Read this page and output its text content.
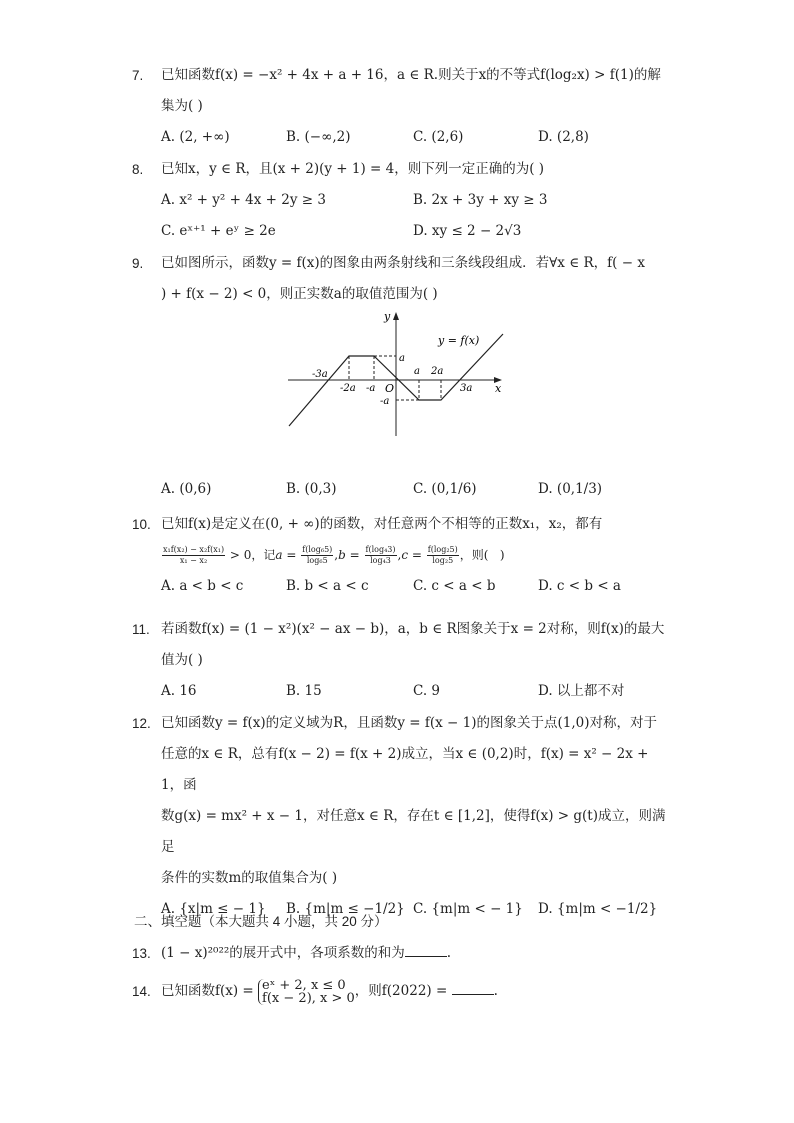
7.	已知函数f(x) = −x² + 4x + a + 16，a ∈ R.则关于x的不等式f(log₂x) > f(1)的解
集为( )
A. (2, +∞)	B. (−∞,2)	C. (2,6)	D. (2,8)
8.	已知x，y ∈ R，且(x + 2)(y + 1) = 4，则下列一定正确的为( )
A. x² + y² + 4x + 2y ≥ 3	B. 2x + 3y + xy ≥ 3
C. eˣ⁺¹ + eʸ ≥ 2e	D. xy ≤ 2 − 2√3
9.	已如图所示，函数y = f(x)的图象由两条射线和三条线段组成．若∀x ∈ R，f( − x
) + f(x − 2) < 0，则正实数a的取值范围为( )
y
x
O
y = f(x)
-3a
-2a -a
a 2a
3a
a
-a
A. (0,6)	B. (0,3)	C. (0,1/6)	D. (0,1/3)
10. 已知f(x)是定义在(0, + ∞)的函数，对任意两个不相等的正数x₁，x₂，都有
$\frac{\text{x₁f(x₂) − x₂f(x₁)}}{\text{x₁ − x₂}} > 0$，记$a = \frac{\text{f(log₆5)}}{\text{log₆5}} ,b = \frac{\text{f(log₄3)}}{\text{log₄3}} ,c = \frac{\text{f(log₂5)}}{\text{log₂5}}$ ，则(   )
A. a < b < c	B. b < a < c	C. c < a < b	D. c < b < a
11. 若函数f(x) = (1 − x²)(x² − ax − b)，a，b ∈ R图象关于x = 2对称，则f(x)的最大
值为( )
A. 16	B. 15	C. 9	D. 以上都不对
12. 已知函数y = f(x)的定义域为R，且函数y = f(x − 1)的图象关于点(1,0)对称，对于
任意的x ∈ R，总有f(x − 2) = f(x + 2)成立，当x ∈ (0,2)时，f(x) = x² − 2x + 1，函
数g(x) = mx² + x − 1，对任意x ∈ R，存在t ∈ [1,2]，使得f(x) > g(t)成立，则满足
条件的实数m的取值集合为( )
A. {x|m ≤ − 1} B. {m|m ≤ −1/2} C. {m|m < − 1} D. {m|m < −1/2}
二、填空题（本大题共 4 小题，共 20 分）
13. (1 − x)²⁰²²的展开式中，各项系数的和为	.
14. 已知函数f(x) = eˣ + 2, x ≤ 0
f(x − 2), x > 0 ，则f(2022) =	.
